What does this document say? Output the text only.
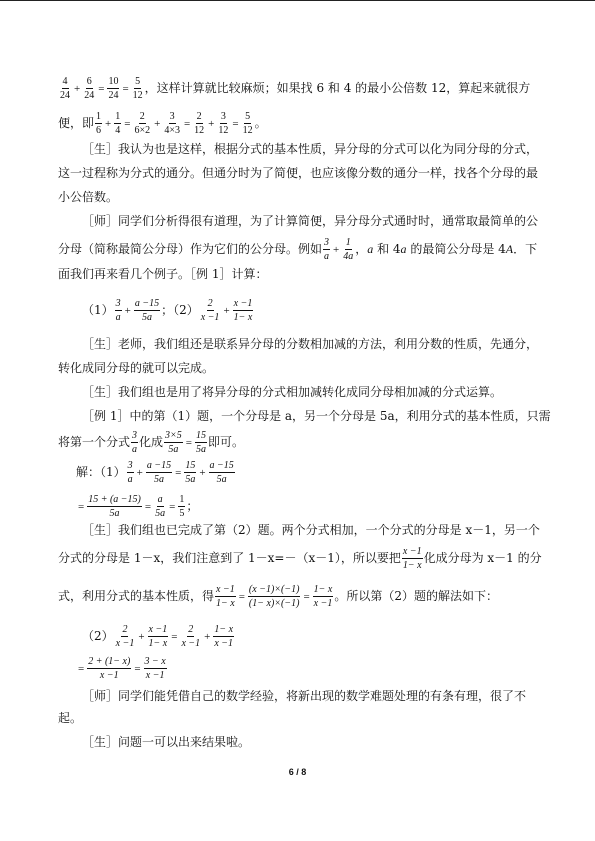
$\frac{4}{24} + \frac{6}{24} = \frac{10}{24} = \frac{5}{12}$ ，这样计算就比较麻烦；如果找 6 和 4 的最小公倍数 12，算起来就很方
便，即 $\frac{1}{6} + \frac{1}{4} = \frac{2}{6\times 2} + \frac{3}{4\times 3} = \frac{2}{12} + \frac{3}{12} = \frac{5}{12}$ 。
［生］我认为也是这样，根据分式的基本性质，异分母的分式可以化为同分母的分式，
这一过程称为分式的通分。但通分时为了简便，也应该像分数的通分一样，找各个分母的最
小公倍数。
［师］同学们分析得很有道理，为了计算简便，异分母分式通时时，通常取最简单的公
分母（简称最简公分母）作为它们的公分母。例如 $\frac{3}{a} + \frac{1}{4a}$ ，a 和 4a 的最简公分母是 4A．下
面我们再来看几个例子。［例 1］计算：
$(1) \frac{3}{a} + \frac{a -15}{5a}$ ；$(2) \frac{2}{x -1} + \frac{x -1}{1- x}$
［生］老师，我们组还是联系异分母的分数相加减的方法，利用分数的性质，先通分，
转化成同分母的就可以完成。
［生］我们组也是用了将异分母的分式相加减转化成同分母相加减的分式运算。
［例 1］中的第（1）题，一个分母是 a，另一个分母是 5a，利用分式的基本性质，只需
将第一个分式 $\frac{3}{a}$ 化成 $\frac{3\times 5}{5a} = \frac{15}{5a}$ 即可。
解：$(1) \frac{3}{a} + \frac{a -15}{5a} = \frac{15}{5a} + \frac{a -15}{5a}$
= $\frac{15 + (a -15)}{5a} = \frac{a}{5a} = \frac{1}{5}$ ；
［生］我们组也已完成了第（2）题。两个分式相加，一个分式的分母是 x－1，另一个
分式的分母是 1－x，我们注意到了 1－x=－（x－1），所以要把 $\frac{x -1}{1- x}$ 化成分母为 x－1 的分
式，利用分式的基本性质，得 $\frac{x -1}{1- x} = \frac{(x -1)\times(-1)}{(1- x)\times(-1)} = \frac{1- x}{x -1}$ 。所以第（2）题的解法如下：
$(2) \frac{2}{x -1} + \frac{x -1}{1- x} = \frac{2}{x -1} + \frac{1- x}{x -1}$
= $\frac{2 + (1- x)}{x -1} = \frac{3 - x}{x -1}$
［师］同学们能凭借自己的数学经验，将新出现的数学难题处理的有条有理，很了不
起。
［生］问题一可以出来结果啦。
6 / 8
